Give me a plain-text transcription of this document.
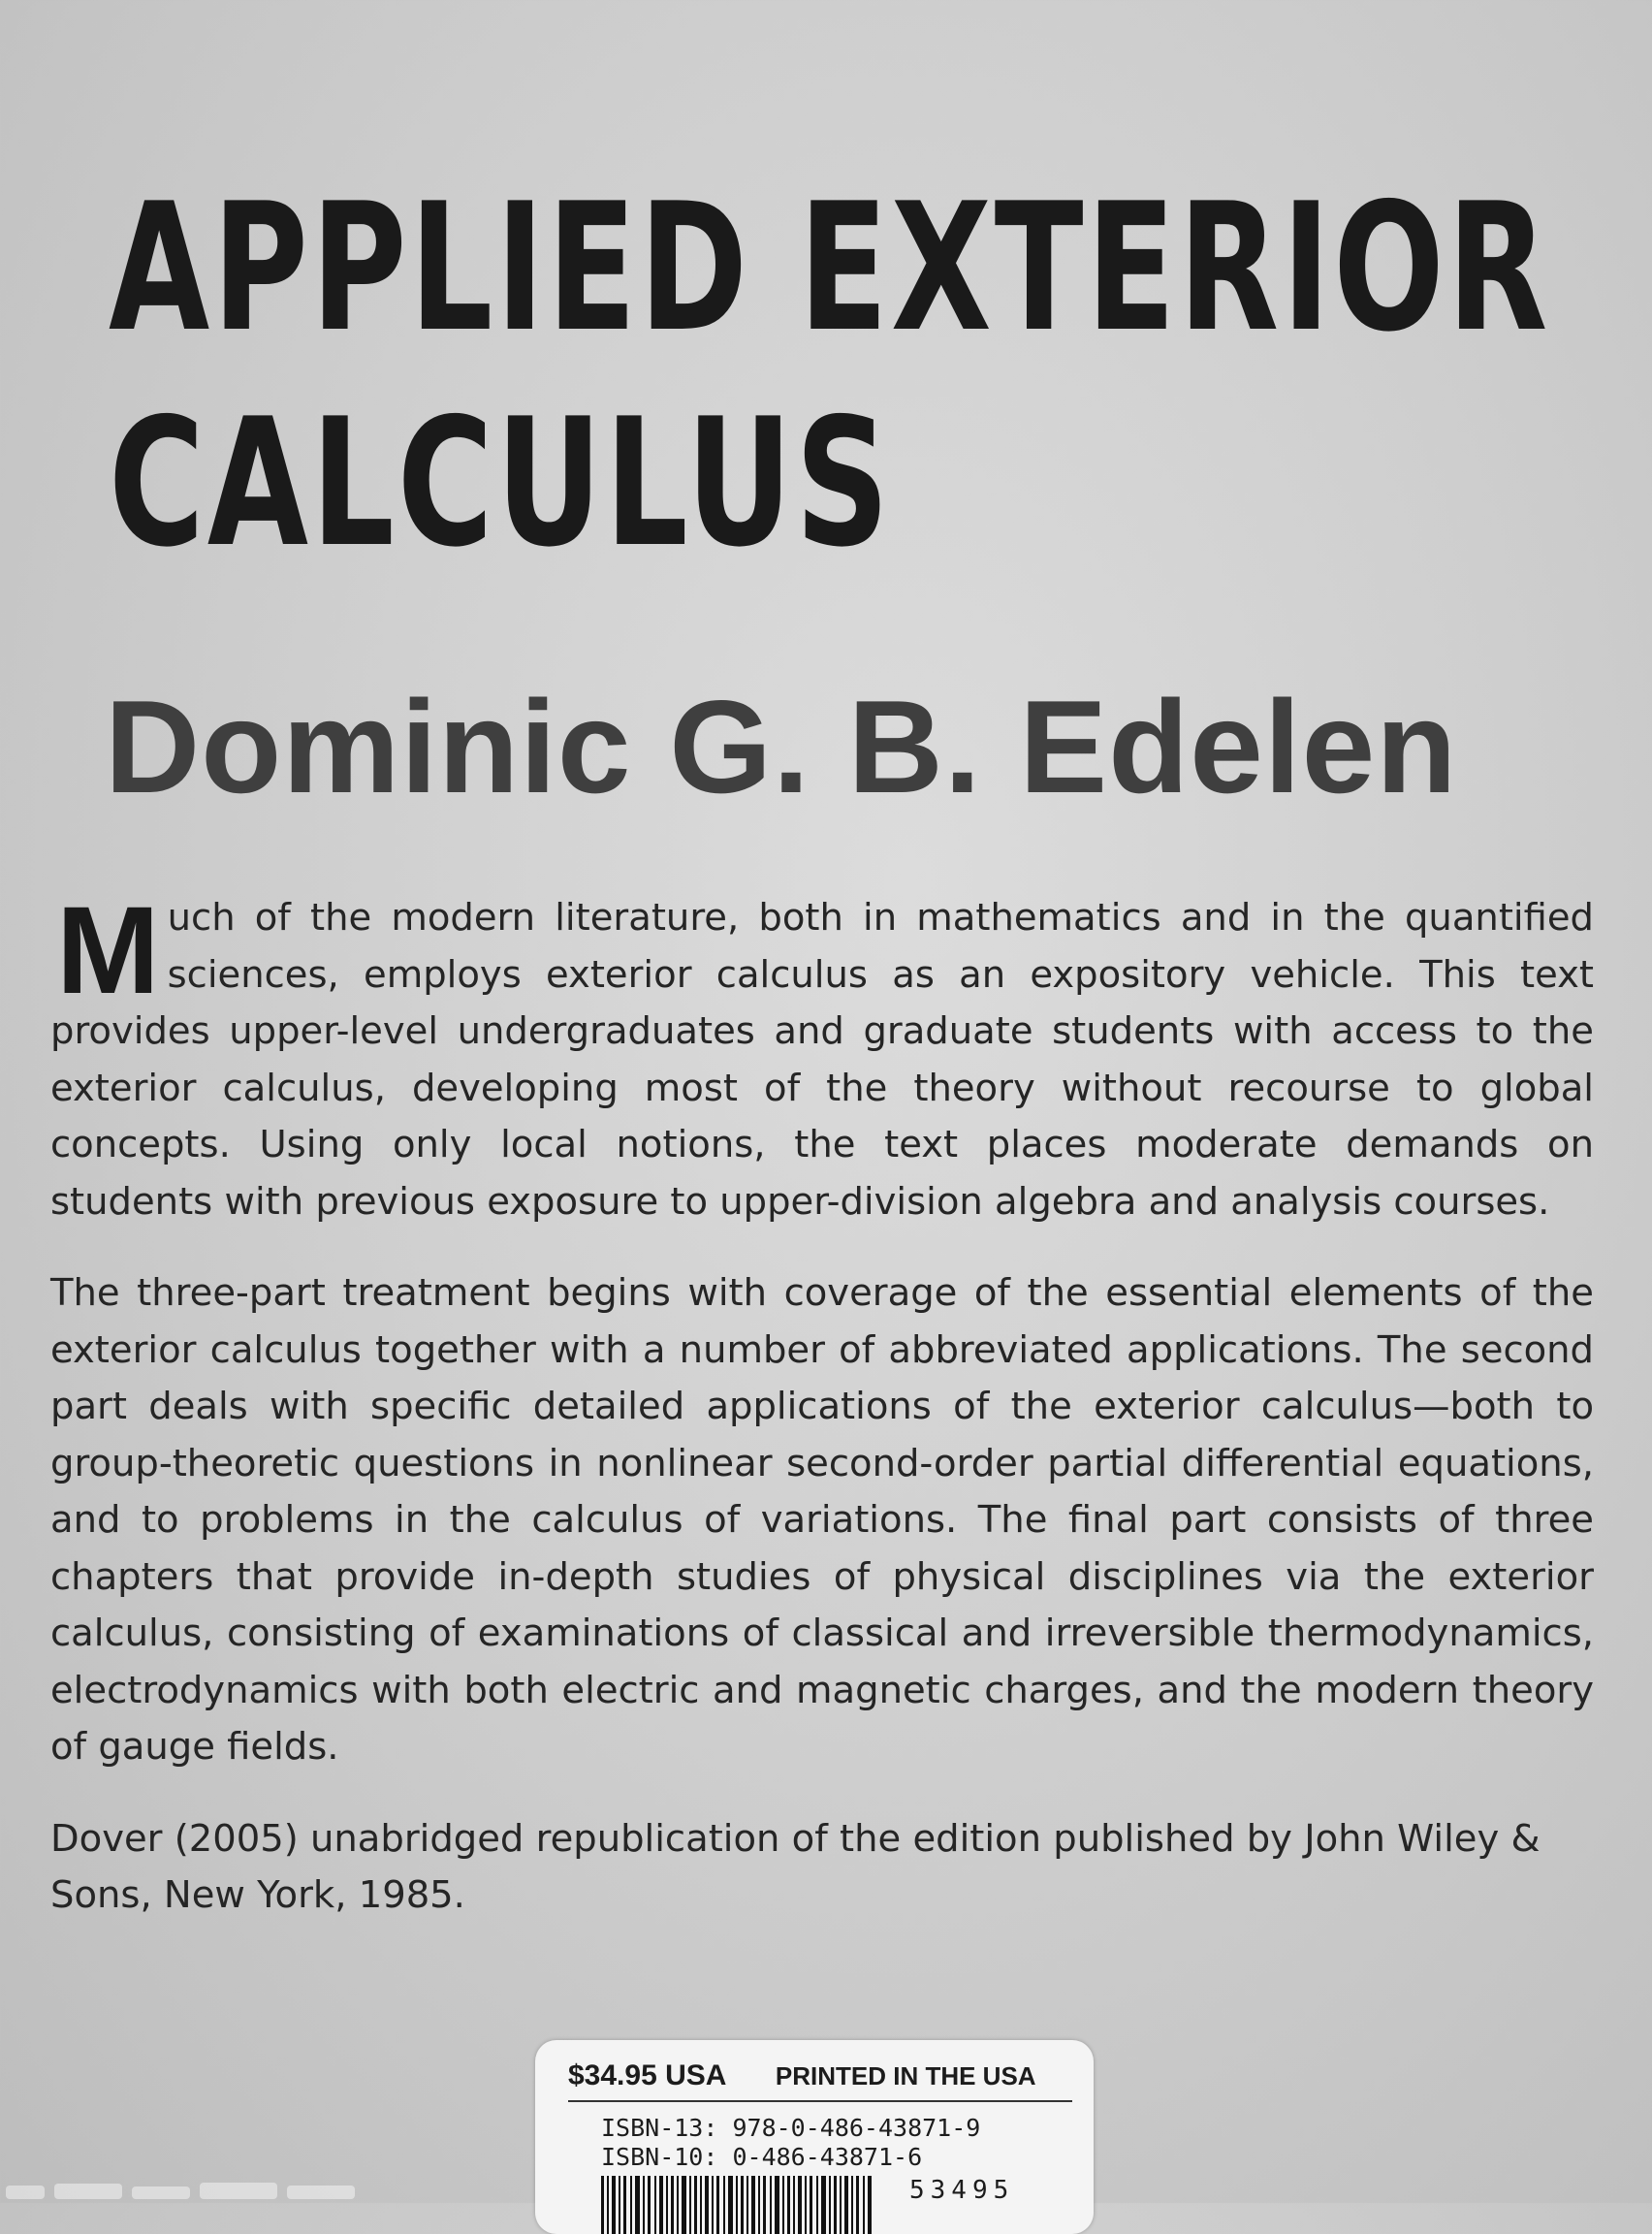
APPLIED EXTERIOR
CALCULUS
Dominic G. B. Edelen

Much of the modern literature, both in mathematics and in the quantified sciences, employs exterior calculus as an expository vehicle. This text provides upper-level undergraduates and graduate students with access to the exterior calculus, developing most of the theory without recourse to global concepts. Using only local notions, the text places moderate demands on students with previous exposure to upper-division algebra and analysis courses.

The three-part treatment begins with coverage of the essential elements of the exterior calculus together with a number of abbreviated applications. The second part deals with specific detailed applications of the exterior calculus—both to group-theoretic questions in nonlinear second-order partial differential equations, and to problems in the calculus of variations. The final part consists of three chapters that provide in-depth studies of physical disciplines via the exterior calculus, consisting of examinations of classical and irreversible thermodynamics, electrodynamics with both electric and magnetic charges, and the modern theory of gauge fields.

Dover (2005) unabridged republication of the edition published by John Wiley & Sons, New York, 1985.

$34.95 USA PRINTED IN THE USA
ISBN-13: 978-0-486-43871-9
ISBN-10: 0-486-43871-6
53495
